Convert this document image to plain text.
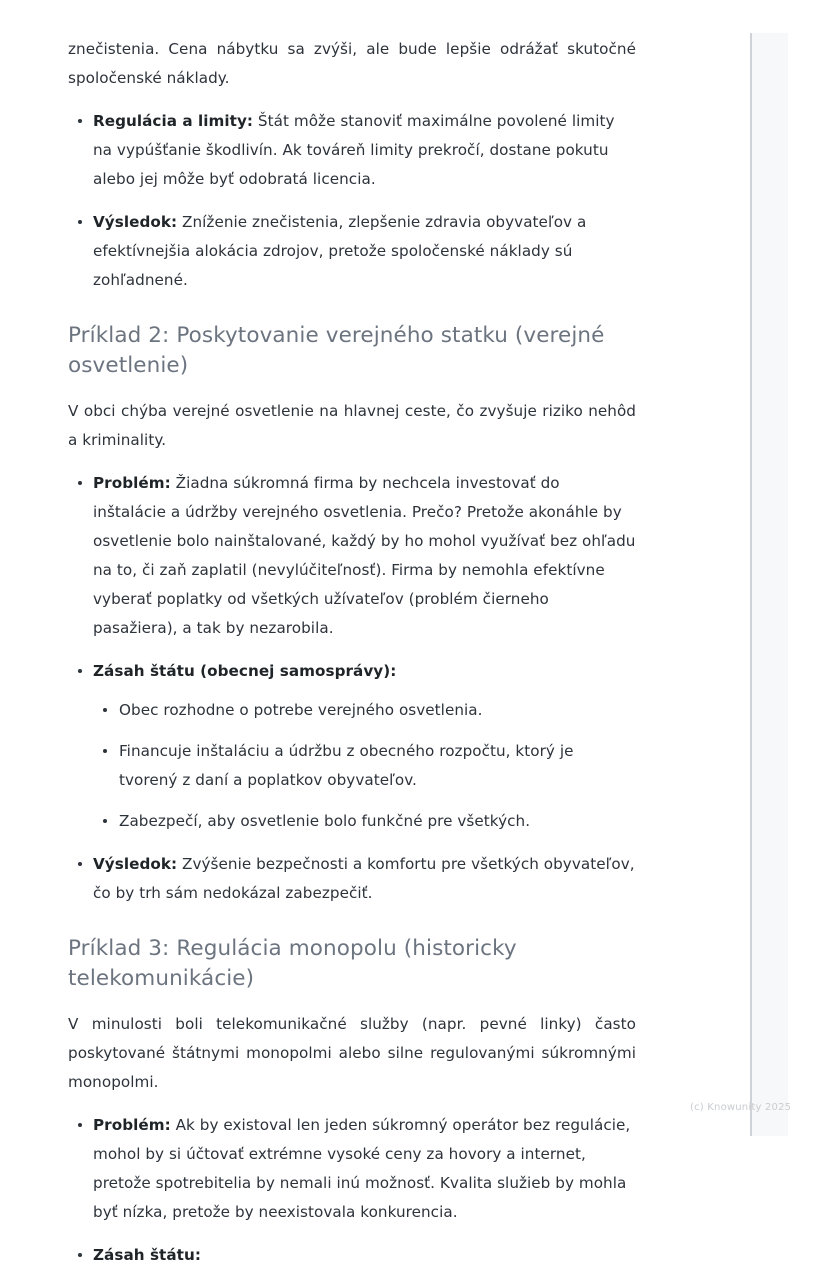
znečistenia. Cena nábytku sa zvýši, ale bude lepšie odrážať skutočné spoločenské náklady.

Regulácia a limity: Štát môže stanoviť maximálne povolené limity na vypúšťanie škodlivín. Ak továreň limity prekročí, dostane pokutu alebo jej môže byť odobratá licencia.
Výsledok: Zníženie znečistenia, zlepšenie zdravia obyvateľov a efektívnejšia alokácia zdrojov, pretože spoločenské náklady sú zohľadnené.
Príklad 2: Poskytovanie verejného statku (verejné osvetlenie)

V obci chýba verejné osvetlenie na hlavnej ceste, čo zvyšuje riziko nehôd a kriminality.

Problém: Žiadna súkromná firma by nechcela investovať do inštalácie a údržby verejného osvetlenia. Prečo? Pretože akonáhle by osvetlenie bolo nainštalované, každý by ho mohol využívať bez ohľadu na to, či zaň zaplatil (nevylúčiteľnosť). Firma by nemohla efektívne vyberať poplatky od všetkých užívateľov (problém čierneho pasažiera), a tak by nezarobila.
Zásah štátu (obecnej samosprávy):
Obec rozhodne o potrebe verejného osvetlenia.
Financuje inštaláciu a údržbu z obecného rozpočtu, ktorý je tvorený z daní a poplatkov obyvateľov.
Zabezpečí, aby osvetlenie bolo funkčné pre všetkých.
Výsledok: Zvýšenie bezpečnosti a komfortu pre všetkých obyvateľov, čo by trh sám nedokázal zabezpečiť.
Príklad 3: Regulácia monopolu (historicky telekomunikácie)

V minulosti boli telekomunikačné služby (napr. pevné linky) často poskytované štátnymi monopolmi alebo silne regulovanými súkromnými monopolmi.

Problém: Ak by existoval len jeden súkromný operátor bez regulácie, mohol by si účtovať extrémne vysoké ceny za hovory a internet, pretože spotrebitelia by nemali inú možnosť. Kvalita služieb by mohla byť nízka, pretože by neexistovala konkurencia.
Zásah štátu:
(c) Knowunity 2025
